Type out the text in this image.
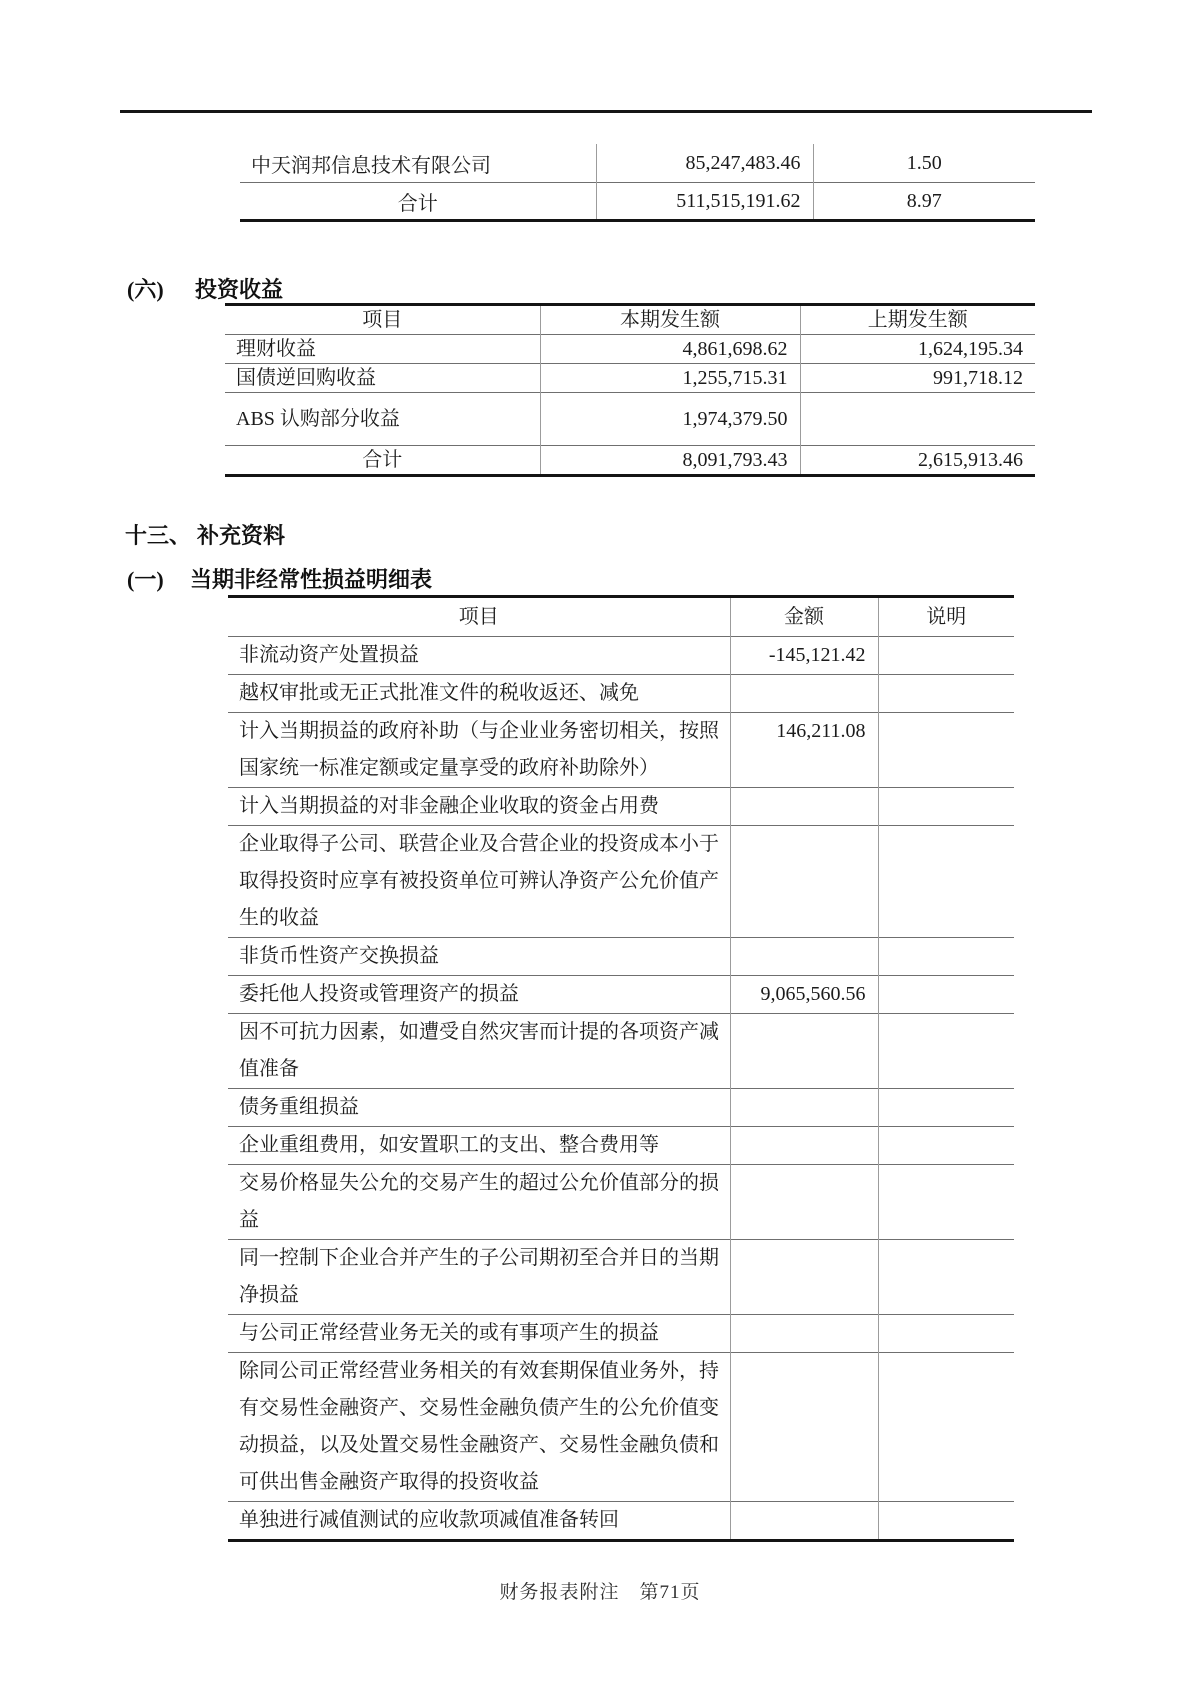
中天润邦信息技术有限公司	85,247,483.46	1.50
合计	511,515,191.62	8.97
(六) 投资收益
项目	本期发生额	上期发生额
理财收益	4,861,698.62	1,624,195.34
国债逆回购收益	1,255,715.31	991,718.12
ABS 认购部分收益	1,974,379.50	
合计	8,091,793.43	2,615,913.46
十三、 补充资料
(一) 当期非经常性损益明细表
项目	金额	说明
非流动资产处置损益	-145,121.42	
越权审批或无正式批准文件的税收返还、减免		
计入当期损益的政府补助（与企业业务密切相关，按照国家统一标准定额或定量享受的政府补助除外）	146,211.08	
计入当期损益的对非金融企业收取的资金占用费		
企业取得子公司、联营企业及合营企业的投资成本小于取得投资时应享有被投资单位可辨认净资产公允价值产生的收益		
非货币性资产交换损益		
委托他人投资或管理资产的损益	9,065,560.56	
因不可抗力因素，如遭受自然灾害而计提的各项资产减值准备		
债务重组损益		
企业重组费用，如安置职工的支出、整合费用等		
交易价格显失公允的交易产生的超过公允价值部分的损益		
同一控制下企业合并产生的子公司期初至合并日的当期净损益		
与公司正常经营业务无关的或有事项产生的损益		
除同公司正常经营业务相关的有效套期保值业务外，持有交易性金融资产、交易性金融负债产生的公允价值变动损益，以及处置交易性金融资产、交易性金融负债和可供出售金融资产取得的投资收益		
单独进行减值测试的应收款项减值准备转回		
财务报表附注　第71页
